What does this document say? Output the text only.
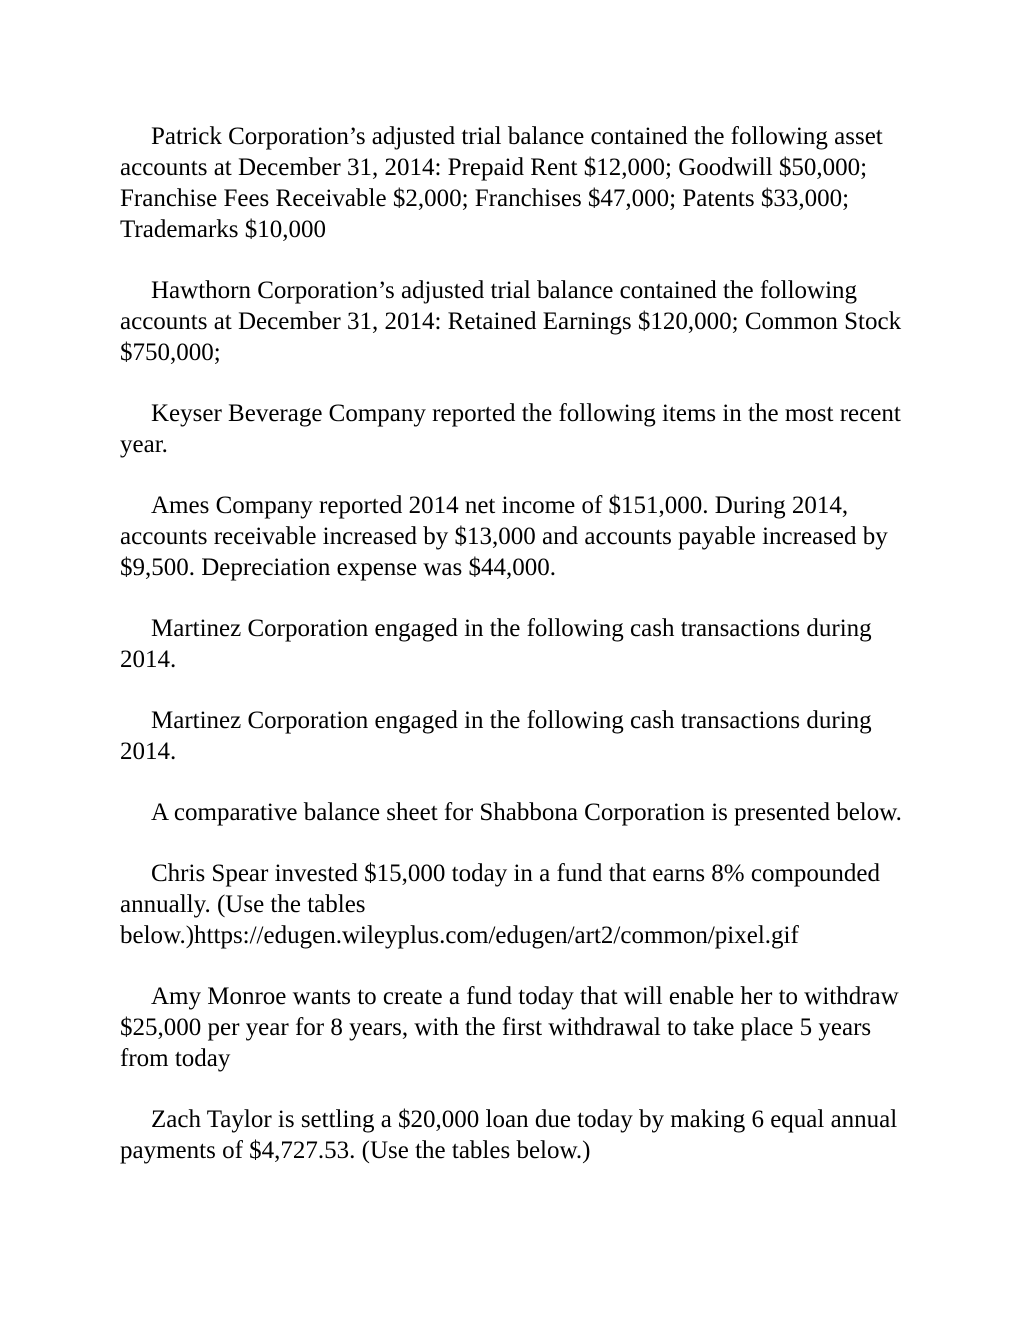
Patrick Corporation’s adjusted trial balance contained the following asset accounts at December 31, 2014: Prepaid Rent $12,000; Goodwill $50,000; Franchise Fees Receivable $2,000; Franchises $47,000; Patents $33,000; Trademarks $10,000

Hawthorn Corporation’s adjusted trial balance contained the following accounts at December 31, 2014: Retained Earnings $120,000; Common Stock $750,000;

Keyser Beverage Company reported the following items in the most recent year.

Ames Company reported 2014 net income of $151,000. During 2014, accounts receivable increased by $13,000 and accounts payable increased by $9,500. Depreciation expense was $44,000.

Martinez Corporation engaged in the following cash transactions during 2014.

Martinez Corporation engaged in the following cash transactions during 2014.

A comparative balance sheet for Shabbona Corporation is presented below.

Chris Spear invested $15,000 today in a fund that earns 8% compounded annually. (Use the tables below.)https://edugen.wileyplus.com/edugen/art2/common/pixel.gif

Amy Monroe wants to create a fund today that will enable her to withdraw $25,000 per year for 8 years, with the first withdrawal to take place 5 years from today

Zach Taylor is settling a $20,000 loan due today by making 6 equal annual payments of $4,727.53. (Use the tables below.)
